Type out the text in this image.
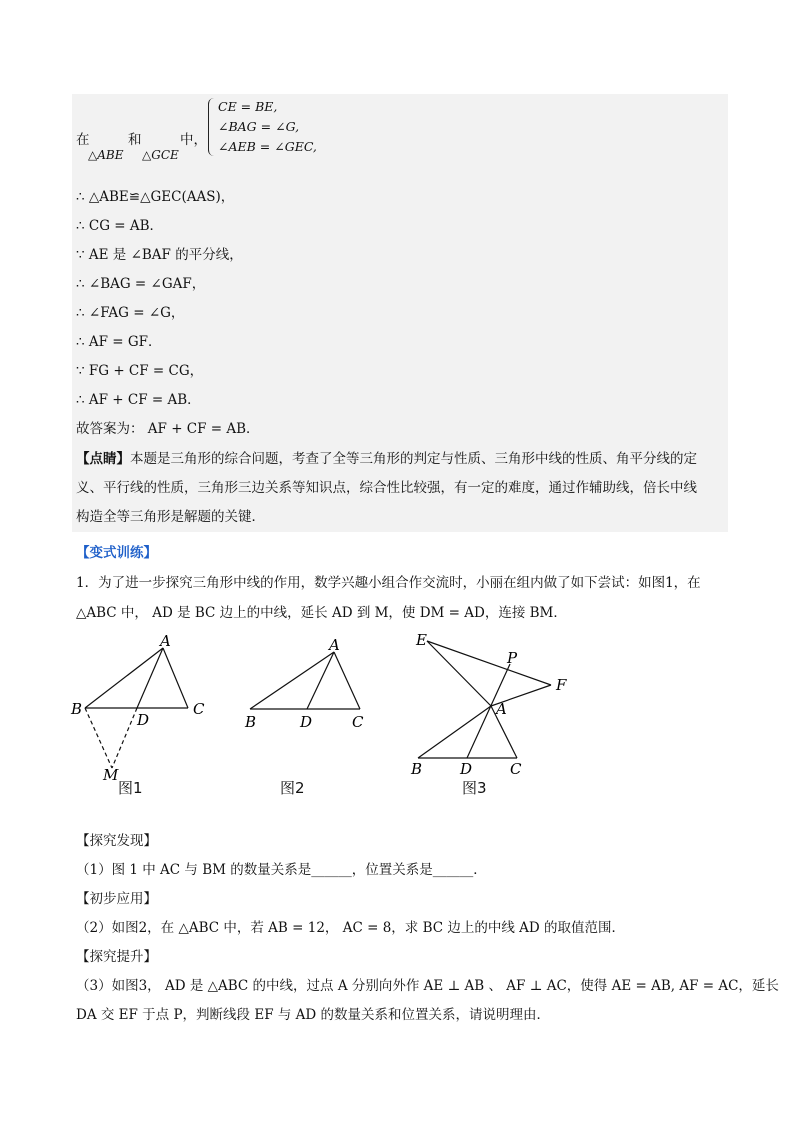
在
△ABE
和
△GCE
中，
CE = BE,
∠BAG = ∠G,
∠AEB = ∠GEC,
∴ △ABE≌△GEC(AAS)，
∴ CG = AB．
∵ AE 是 ∠BAF 的平分线，
∴ ∠BAG = ∠GAF，
∴ ∠FAG = ∠G，
∴ AF = GF．
∵ FG + CF = CG，
∴ AF + CF = AB．
故答案为： AF + CF = AB．
【点睛】本题是三角形的综合问题，考查了全等三角形的判定与性质、三角形中线的性质、角平分线的定
义、平行线的性质，三角形三边关系等知识点，综合性比较强，有一定的难度，通过作辅助线，倍长中线
构造全等三角形是解题的关键．
【变式训练】
1．为了进一步探究三角形中线的作用，数学兴趣小组合作交流时，小丽在组内做了如下尝试：如图1，在
△ABC 中， AD 是 BC 边上的中线，延长 AD 到 M，使 DM = AD，连接 BM．
A
B	C
D
M
A
B	C
D
E
P
F
A
B	D	C
图1	图2	图3
【探究发现】
（1）图 1 中 AC 与 BM 的数量关系是______，位置关系是______．
【初步应用】
（2）如图2，在 △ABC 中，若 AB = 12， AC = 8，求 BC 边上的中线 AD 的取值范围．
【探究提升】
（3）如图3， AD 是 △ABC 的中线，过点 A 分别向外作 AE ⊥ AB 、 AF ⊥ AC，使得 AE = AB, AF = AC，延长
DA 交 EF 于点 P，判断线段 EF 与 AD 的数量关系和位置关系，请说明理由．
